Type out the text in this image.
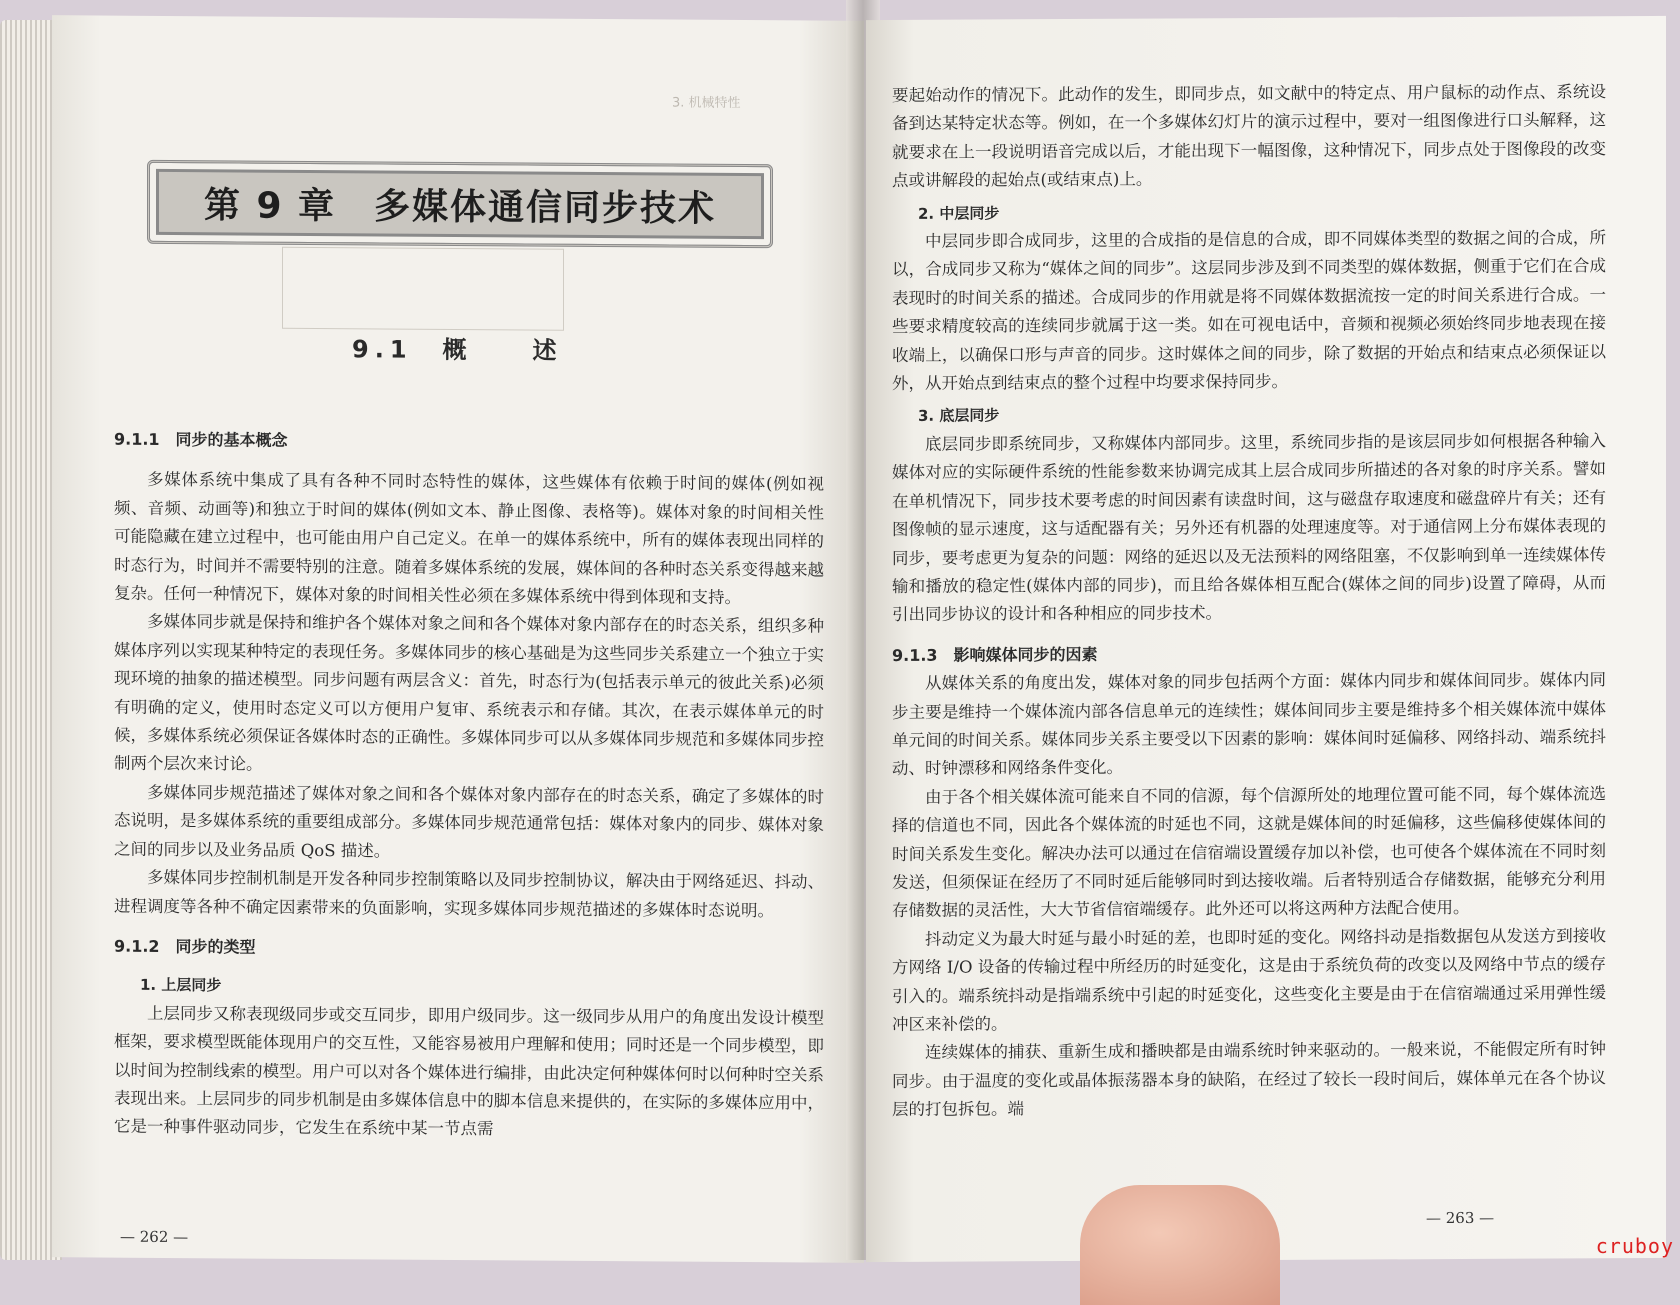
3. 机械特性
第 9 章　多媒体通信同步技术
9.1　概　　述
9.1.1　同步的基本概念

多媒体系统中集成了具有各种不同时态特性的媒体，这些媒体有依赖于时间的媒体(例如视频、音频、动画等)和独立于时间的媒体(例如文本、静止图像、表格等)。媒体对象的时间相关性可能隐藏在建立过程中，也可能由用户自己定义。在单一的媒体系统中，所有的媒体表现出同样的时态行为，时间并不需要特别的注意。随着多媒体系统的发展，媒体间的各种时态关系变得越来越复杂。任何一种情况下，媒体对象的时间相关性必须在多媒体系统中得到体现和支持。

多媒体同步就是保持和维护各个媒体对象之间和各个媒体对象内部存在的时态关系，组织多种媒体序列以实现某种特定的表现任务。多媒体同步的核心基础是为这些同步关系建立一个独立于实现环境的抽象的描述模型。同步问题有两层含义：首先，时态行为(包括表示单元的彼此关系)必须有明确的定义，使用时态定义可以方便用户复审、系统表示和存储。其次，在表示媒体单元的时候，多媒体系统必须保证各媒体时态的正确性。多媒体同步可以从多媒体同步规范和多媒体同步控制两个层次来讨论。

多媒体同步规范描述了媒体对象之间和各个媒体对象内部存在的时态关系，确定了多媒体的时态说明，是多媒体系统的重要组成部分。多媒体同步规范通常包括：媒体对象内的同步、媒体对象之间的同步以及业务品质 QoS 描述。

多媒体同步控制机制是开发各种同步控制策略以及同步控制协议，解决由于网络延迟、抖动、进程调度等各种不确定因素带来的负面影响，实现多媒体同步规范描述的多媒体时态说明。

9.1.2　同步的类型
1. 上层同步

上层同步又称表现级同步或交互同步，即用户级同步。这一级同步从用户的角度出发设计模型框架，要求模型既能体现用户的交互性，又能容易被用户理解和使用；同时还是一个同步模型，即以时间为控制线索的模型。用户可以对各个媒体进行编排，由此决定何种媒体何时以何种时空关系表现出来。上层同步的同步机制是由多媒体信息中的脚本信息来提供的，在实际的多媒体应用中，它是一种事件驱动同步，它发生在系统中某一节点需

— 262 —

要起始动作的情况下。此动作的发生，即同步点，如文献中的特定点、用户鼠标的动作点、系统设备到达某特定状态等。例如，在一个多媒体幻灯片的演示过程中，要对一组图像进行口头解释，这就要求在上一段说明语音完成以后，才能出现下一幅图像，这种情况下，同步点处于图像段的改变点或讲解段的起始点(或结束点)上。

2. 中层同步

中层同步即合成同步，这里的合成指的是信息的合成，即不同媒体类型的数据之间的合成，所以，合成同步又称为“媒体之间的同步”。这层同步涉及到不同类型的媒体数据，侧重于它们在合成表现时的时间关系的描述。合成同步的作用就是将不同媒体数据流按一定的时间关系进行合成。一些要求精度较高的连续同步就属于这一类。如在可视电话中，音频和视频必须始终同步地表现在接收端上，以确保口形与声音的同步。这时媒体之间的同步，除了数据的开始点和结束点必须保证以外，从开始点到结束点的整个过程中均要求保持同步。

3. 底层同步

底层同步即系统同步，又称媒体内部同步。这里，系统同步指的是该层同步如何根据各种输入媒体对应的实际硬件系统的性能参数来协调完成其上层合成同步所描述的各对象的时序关系。譬如在单机情况下，同步技术要考虑的时间因素有读盘时间，这与磁盘存取速度和磁盘碎片有关；还有图像帧的显示速度，这与适配器有关；另外还有机器的处理速度等。对于通信网上分布媒体表现的同步，要考虑更为复杂的问题：网络的延迟以及无法预料的网络阻塞，不仅影响到单一连续媒体传输和播放的稳定性(媒体内部的同步)，而且给各媒体相互配合(媒体之间的同步)设置了障碍，从而引出同步协议的设计和各种相应的同步技术。

9.1.3　影响媒体同步的因素

从媒体关系的角度出发，媒体对象的同步包括两个方面：媒体内同步和媒体间同步。媒体内同步主要是维持一个媒体流内部各信息单元的连续性；媒体间同步主要是维持多个相关媒体流中媒体单元间的时间关系。媒体同步关系主要受以下因素的影响：媒体间时延偏移、网络抖动、端系统抖动、时钟漂移和网络条件变化。

由于各个相关媒体流可能来自不同的信源，每个信源所处的地理位置可能不同，每个媒体流选择的信道也不同，因此各个媒体流的时延也不同，这就是媒体间的时延偏移，这些偏移使媒体间的时间关系发生变化。解决办法可以通过在信宿端设置缓存加以补偿，也可使各个媒体流在不同时刻发送，但须保证在经历了不同时延后能够同时到达接收端。后者特别适合存储数据，能够充分利用存储数据的灵活性，大大节省信宿端缓存。此外还可以将这两种方法配合使用。

抖动定义为最大时延与最小时延的差，也即时延的变化。网络抖动是指数据包从发送方到接收方网络 I/O 设备的传输过程中所经历的时延变化，这是由于系统负荷的改变以及网络中节点的缓存引入的。端系统抖动是指端系统中引起的时延变化，这些变化主要是由于在信宿端通过采用弹性缓冲区来补偿的。

连续媒体的捕获、重新生成和播映都是由端系统时钟来驱动的。一般来说，不能假定所有时钟同步。由于温度的变化或晶体振荡器本身的缺陷，在经过了较长一段时间后，媒体单元在各个协议层的打包拆包。端

— 263 —
cruboy
